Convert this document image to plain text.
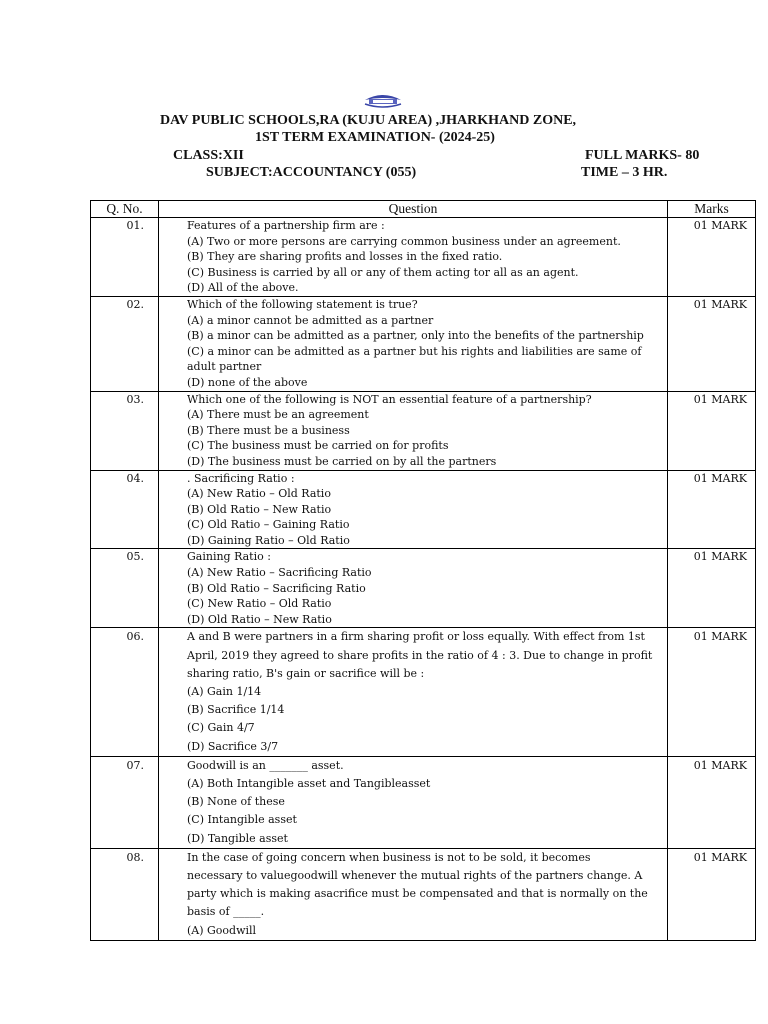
DAV PUBLIC SCHOOLS,RA (KUJU AREA) ,JHARKHAND ZONE,
1ST TERM EXAMINATION- (2024-25)
CLASS:XII	FULL MARKS- 80
SUBJECT:ACCOUNTANCY (055)	TIME – 3 HR.
Q. No.	Question	Marks

01.	Features of a partnership firm are :
(A) Two or more persons are carrying common business under an agreement.
(B) They are sharing profits and losses in the fixed ratio.
(C) Business is carried by all or any of them acting tor all as an agent.
(D) All of the above.	01 MARK

02.	Which of the following statement is true?
(A) a minor cannot be admitted as a partner
(B) a minor can be admitted as a partner, only into the benefits of the partnership
(C) a minor can be admitted as a partner but his rights and liabilities are same of adult partner
(D) none of the above	01 MARK

03.	Which one of the following is NOT an essential feature of a partnership?
(A) There must be an agreement
(B) There must be a business
(C) The business must be carried on for profits
(D) The business must be carried on by all the partners	01 MARK

04.	. Sacrificing Ratio :
(A) New Ratio – Old Ratio
(B) Old Ratio – New Ratio
(C) Old Ratio – Gaining Ratio
(D) Gaining Ratio – Old Ratio	01 MARK

05.	Gaining Ratio :
(A) New Ratio – Sacrificing Ratio
(B) Old Ratio – Sacrificing Ratio
(C) New Ratio – Old Ratio
(D) Old Ratio – New Ratio	01 MARK

06.	A and B were partners in a firm sharing profit or loss equally. With effect from 1st April, 2019 they agreed to share profits in the ratio of 4 : 3. Due to change in profit sharing ratio, B's gain or sacrifice will be :
(A) Gain 1/14
(B) Sacrifice 1/14
(C) Gain 4/7
(D) Sacrifice 3/7	01 MARK

07.	Goodwill is an _______ asset.
(A) Both Intangible asset and Tangibleasset
(B) None of these
(C) Intangible asset
(D) Tangible asset	01 MARK

08.	In the case of going concern when business is not to be sold, it becomes necessary to valuegoodwill whenever the mutual rights of the partners change. A party which is making asacrifice must be compensated and that is normally on the basis of _____.
(A) Goodwill	01 MARK
